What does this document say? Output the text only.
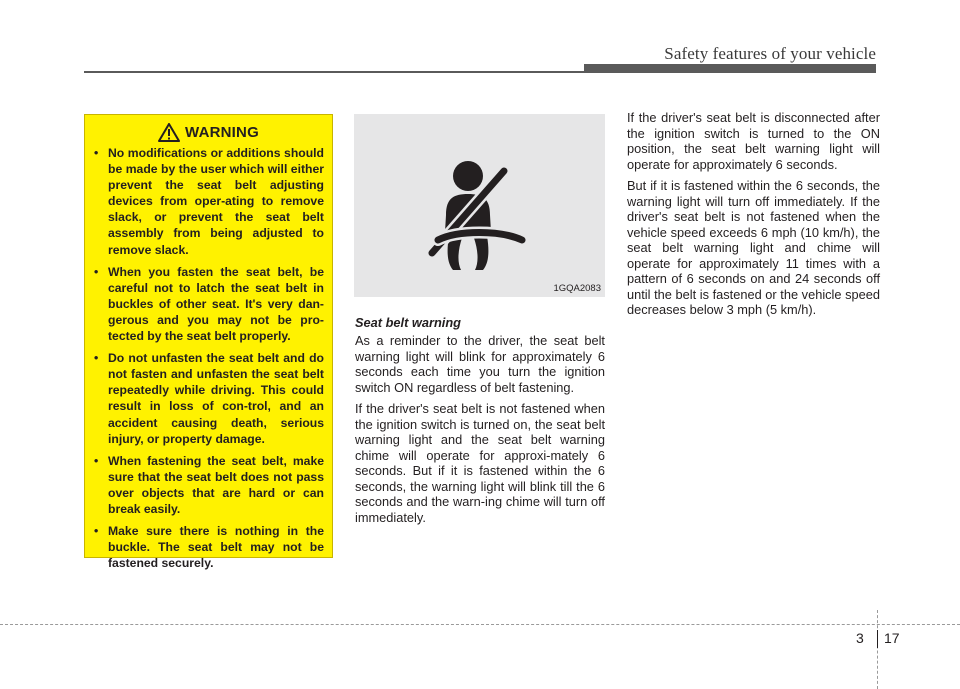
Safety features of your vehicle
WARNING
• No modifications or additions should be made by the user which will either prevent the seat belt adjusting devices from oper-ating to remove slack, or prevent the seat belt assembly from being adjusted to remove slack.
• When you fasten the seat belt, be careful not to latch the seat belt in buckles of other seat. It's very dan-gerous and you may not be pro-tected by the seat belt properly.
• Do not unfasten the seat belt and do not fasten and unfasten the seat belt repeatedly while driving. This could result in loss of con-trol, and an accident causing death, serious injury, or property damage.
• When fastening the seat belt, make sure that the seat belt does not pass over objects that are hard or can break easily.
• Make sure there is nothing in the buckle. The seat belt may not be fastened securely.
1GQA2083

Seat belt warning

As a reminder to the driver, the seat belt warning light will blink for approximately 6 seconds each time you turn the ignition switch ON regardless of belt fastening.

If the driver's seat belt is not fastened when the ignition switch is turned on, the seat belt warning light and the seat belt warning chime will operate for approxi-mately 6 seconds. But if it is fastened within the 6 seconds, the warning light will blink till the 6 seconds and the warn-ing chime will turn off immediately.

If the driver's seat belt is disconnected after the ignition switch is turned to the ON position, the seat belt warning light will operate for approximately 6 seconds.

But if it is fastened within the 6 seconds, the warning light will turn off immediately. If the driver's seat belt is not fastened when the vehicle speed exceeds 6 mph (10 km/h), the seat belt warning light and chime will operate for approximately 11 times with a pattern of 6 seconds on and 24 seconds off until the belt is fastened or the vehicle speed decreases below 3 mph (5 km/h).

3 17
